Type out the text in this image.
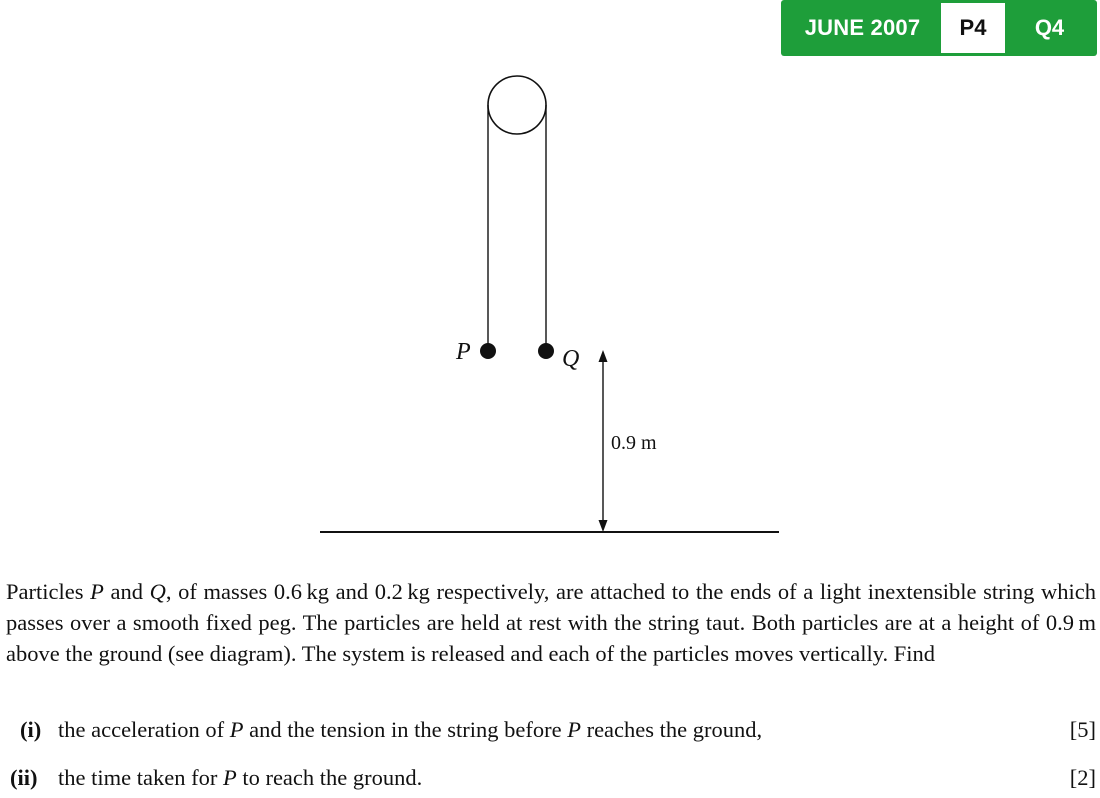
JUNE 2007	P4	Q4
P	Q
0.9 m

Particles P and Q, of masses 0.6 kg and 0.2 kg respectively, are attached to the ends of a light inextensible string which passes over a smooth fixed peg. The particles are held at rest with the string taut. Both particles are at a height of 0.9 m above the ground (see diagram). The system is released and each of the particles moves vertically. Find

(i) the acceleration of P and the tension in the string before P reaches the ground,	[5]
(ii) the time taken for P to reach the ground.	[2]
